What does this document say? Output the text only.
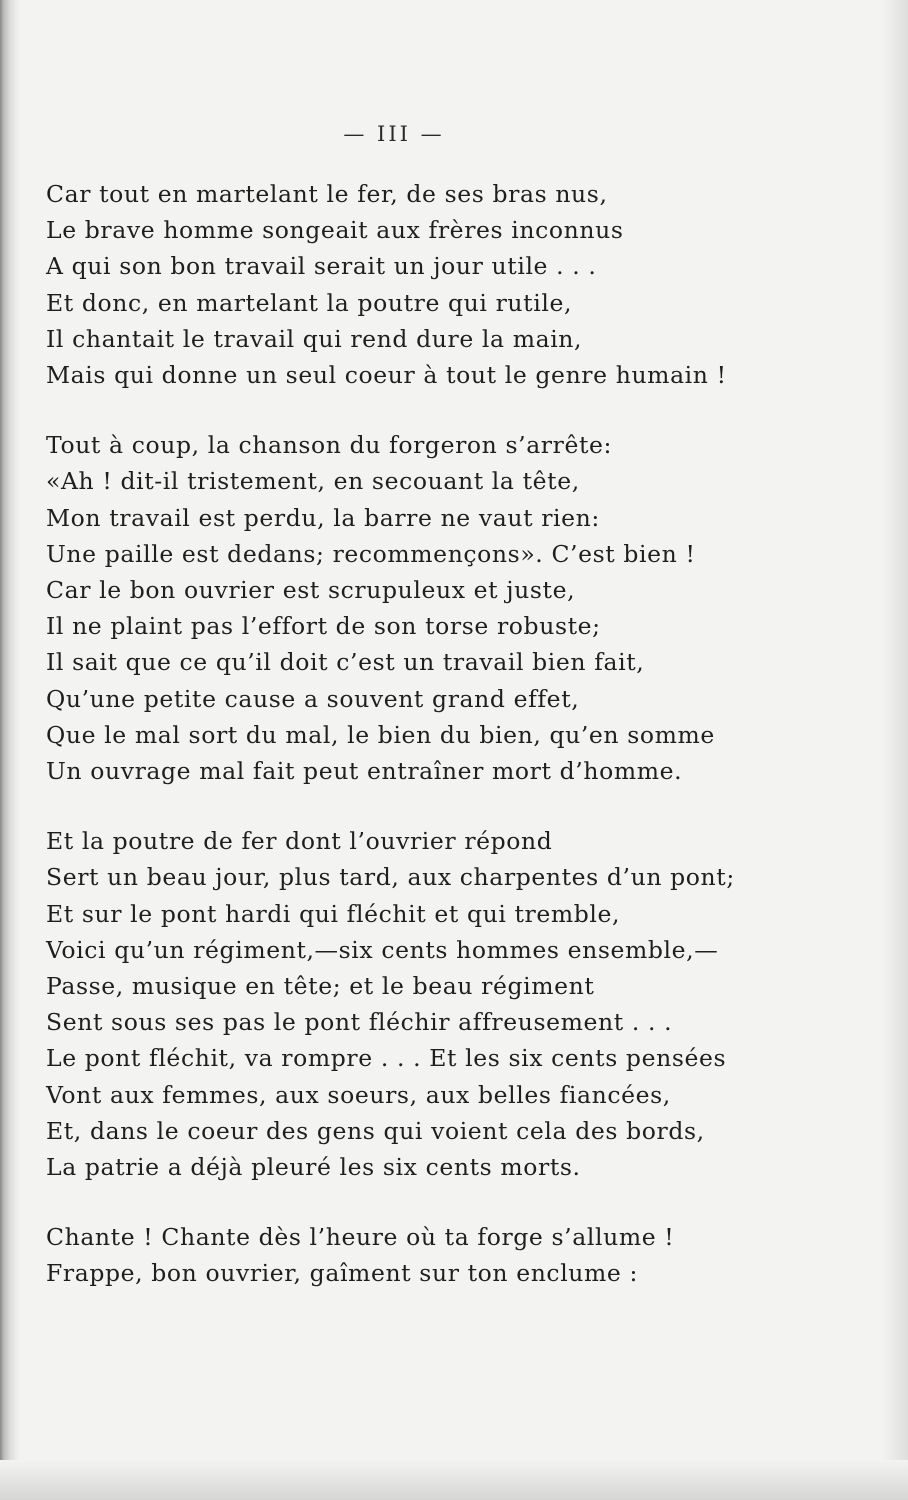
— III —
Car tout en martelant le fer, de ses bras nus,
Le brave homme songeait aux frères inconnus
A qui son bon travail serait un jour utile . . .
Et donc, en martelant la poutre qui rutile,
Il chantait le travail qui rend dure la main,
Mais qui donne un seul coeur à tout le genre humain !
Tout à coup, la chanson du forgeron s’arrête:
«Ah ! dit-il tristement, en secouant la tête,
Mon travail est perdu, la barre ne vaut rien:
Une paille est dedans; recommençons». C’est bien !
Car le bon ouvrier est scrupuleux et juste,
Il ne plaint pas l’effort de son torse robuste;
Il sait que ce qu’il doit c’est un travail bien fait,
Qu’une petite cause a souvent grand effet,
Que le mal sort du mal, le bien du bien, qu’en somme
Un ouvrage mal fait peut entraîner mort d’homme.
Et la poutre de fer dont l’ouvrier répond
Sert un beau jour, plus tard, aux charpentes d’un pont;
Et sur le pont hardi qui fléchit et qui tremble,
Voici qu’un régiment,—six cents hommes ensemble,—
Passe, musique en tête; et le beau régiment
Sent sous ses pas le pont fléchir affreusement . . .
Le pont fléchit, va rompre . . . Et les six cents pensées
Vont aux femmes, aux soeurs, aux belles fiancées,
Et, dans le coeur des gens qui voient cela des bords,
La patrie a déjà pleuré les six cents morts.
Chante ! Chante dès l’heure où ta forge s’allume !
Frappe, bon ouvrier, gaîment sur ton enclume :
